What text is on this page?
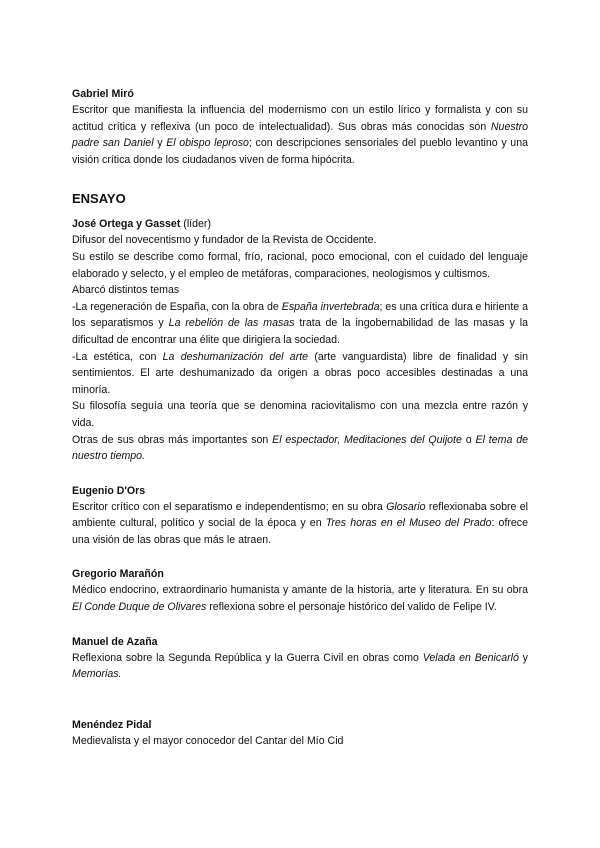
Gabriel Miró

Escritor que manifiesta la influencia del modernismo con un estilo lírico y formalista y con su actitud crítica y reflexiva (un poco de intelectualidad). Sus obras más conocidas son Nuestro padre san Daniel y El obispo leproso; con descripciones sensoriales del pueblo levantino y una visión crítica donde los ciudadanos viven de forma hipócrita.

ENSAYO

José Ortega y Gasset (líder)

Difusor del novecentismo y fundador de la Revista de Occidente.

Su estilo se describe como formal, frío, racional, poco emocional, con el cuidado del lenguaje elaborado y selecto, y el empleo de metáforas, comparaciones, neologismos y cultismos.

Abarcó distintos temas

-La regeneración de España, con la obra de España invertebrada; es una crítica dura e hiriente a los separatismos y La rebelión de las masas trata de la ingobernabilidad de las masas y la dificultad de encontrar una élite que dirigiera la sociedad.

-La estética, con La deshumanización del arte (arte vanguardista) libre de finalidad y sin sentimientos. El arte deshumanizado da origen a obras poco accesibles destinadas a una minoría.

Su filosofía seguía una teoría que se denomina raciovitalismo con una mezcla entre razón y vida.

Otras de sus obras más importantes son El espectador, Meditaciones del Quijote o El tema de nuestro tiempo.

Eugenio D'Ors

Escritor crítico con el separatismo e independentismo; en su obra Glosario reflexionaba sobre el ambiente cultural, político y social de la época y en Tres horas en el Museo del Prado: ofrece una visión de las obras que más le atraen.

Gregorio Marañón

Médico endocrino, extraordinario humanista y amante de la historia, arte y literatura. En su obra El Conde Duque de Olivares reflexiona sobre el personaje histórico del valido de Felipe IV.

Manuel de Azaña

Reflexiona sobre la Segunda República y la Guerra Civil en obras como Velada en Benicarló y Memorias.

Menéndez Pidal

Medievalista y el mayor conocedor del Cantar del Mío Cid
